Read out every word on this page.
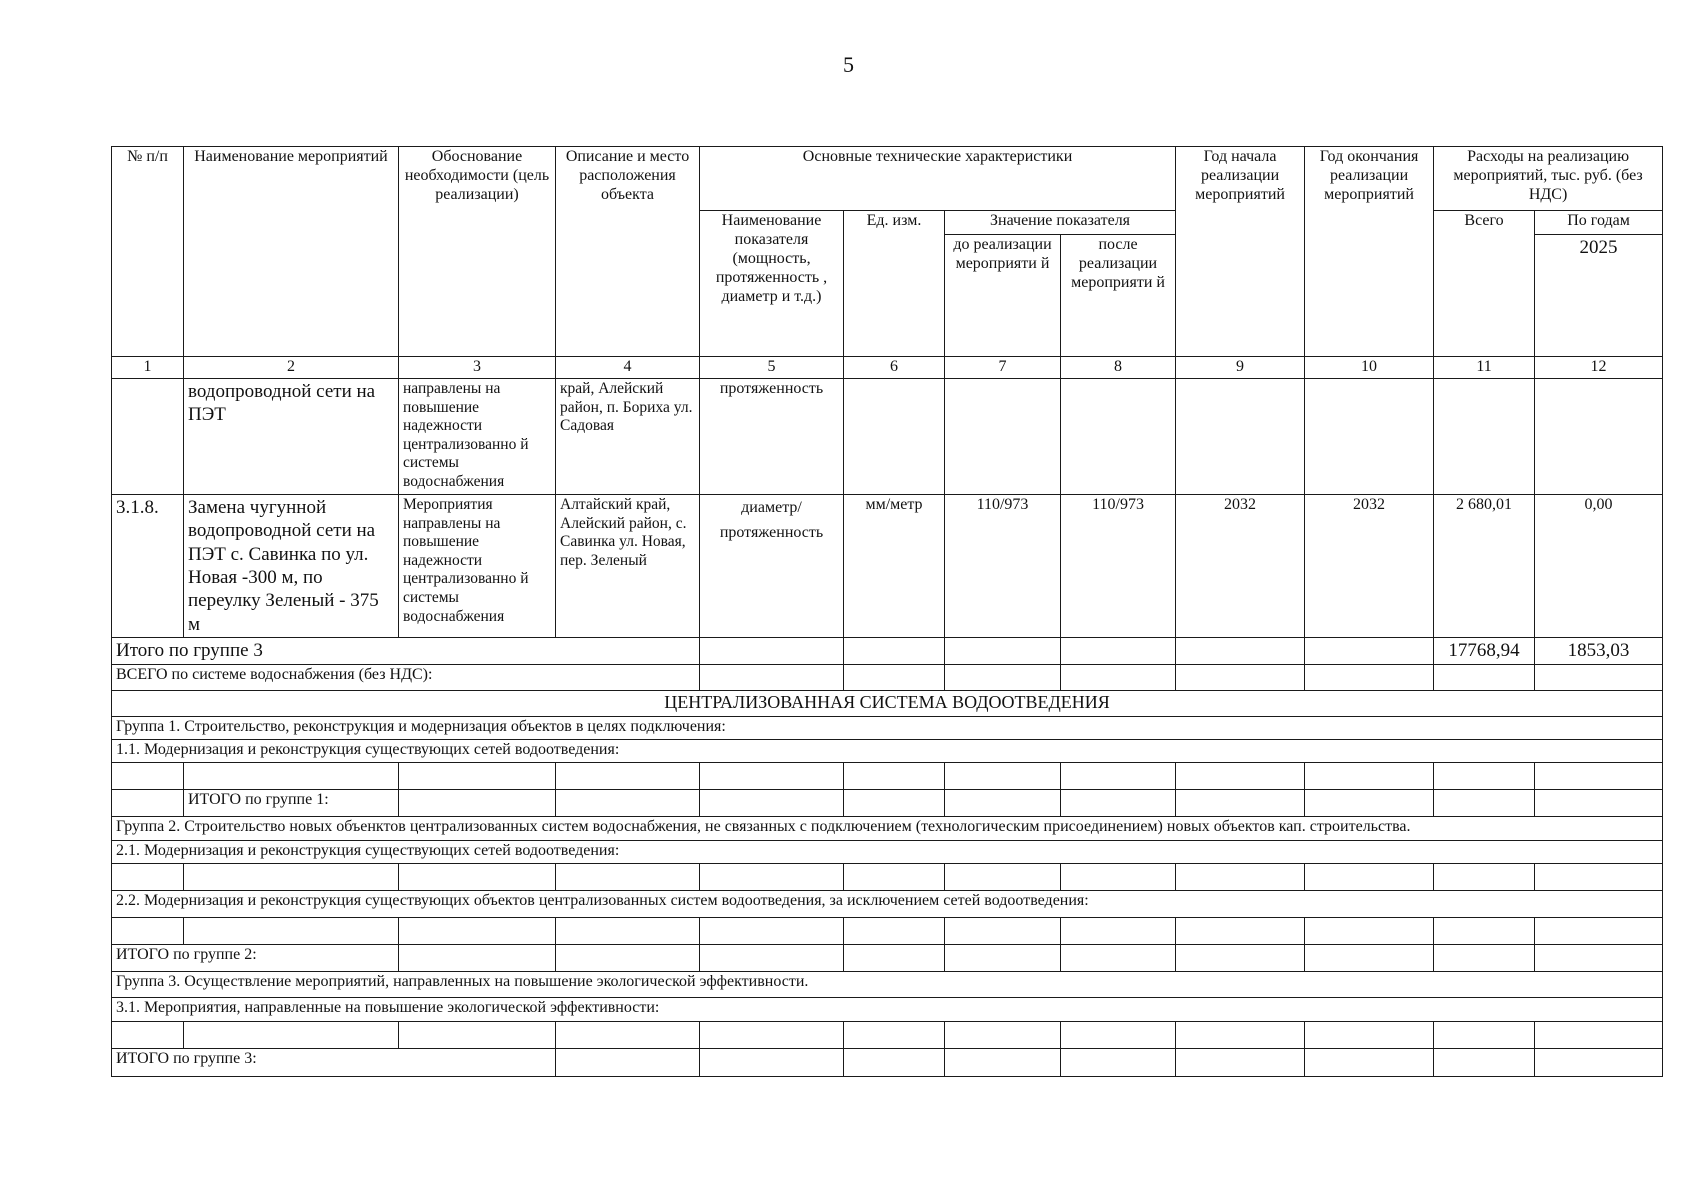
5
№ п/п	Наименование мероприятий	Обоснование необходимости (цель реализации)	Описание и место расположения объекта	Основные технические характеристики				Год начала реализации мероприятий	Год окончания реализации мероприятий	Расходы на реализацию мероприятий, тыс. руб. (без НДС)	
				Наименование показателя (мощность, протяженность , диаметр и т.д.)	Ед. изм.	Значение показателя				Всего	По годам
						до реализации мероприяти й	после реализации мероприяти й				2025
1	2	3	4	5	6	7	8	9	10	11	12
	водопроводной сети на ПЭТ	направлены на повышение надежности централизованно й системы водоснабжения	край, Алейский район, п. Бориха ул. Садовая	протяженность							
3.1.8.	Замена чугунной водопроводной сети на ПЭТ с. Савинка по ул. Новая -300 м, по переулку Зеленый - 375 м	Мероприятия направлены на повышение надежности централизованно й системы водоснабжения	Алтайский край, Алейский район, с. Савинка ул. Новая, пер. Зеленый	диаметр/ протяженность	мм/метр	110/973	110/973	2032	2032	2 680,01	0,00
Итого по группе 3										17768,94	1853,03
ВСЕГО по системе водоснабжения (без НДС):											
ЦЕНТРАЛИЗОВАННАЯ СИСТЕМА ВОДООТВЕДЕНИЯ											
Группа 1. Строительство, реконструкция и модернизация объектов в целях подключения:											
1.1. Модернизация и реконструкция существующих сетей водоотведения:											

	ИТОГО по группе 1:										
Группа 2. Строительство новых объенктов централизованных систем водоснабжения, не связанных с подключением (технологическим присоединением) новых объектов кап. строительства.											
2.1. Модернизация и реконструкция существующих сетей водоотведения:											

2.2. Модернизация и реконструкция существующих объектов централизованных систем водоотведения, за исключением сетей водоотведения:											

ИТОГО по группе 2:											
Группа 3. Осуществление мероприятий, направленных на повышение экологической эффективности.											
3.1. Мероприятия, направленные на повышение экологической эффективности:											

ИТОГО по группе 3:											
